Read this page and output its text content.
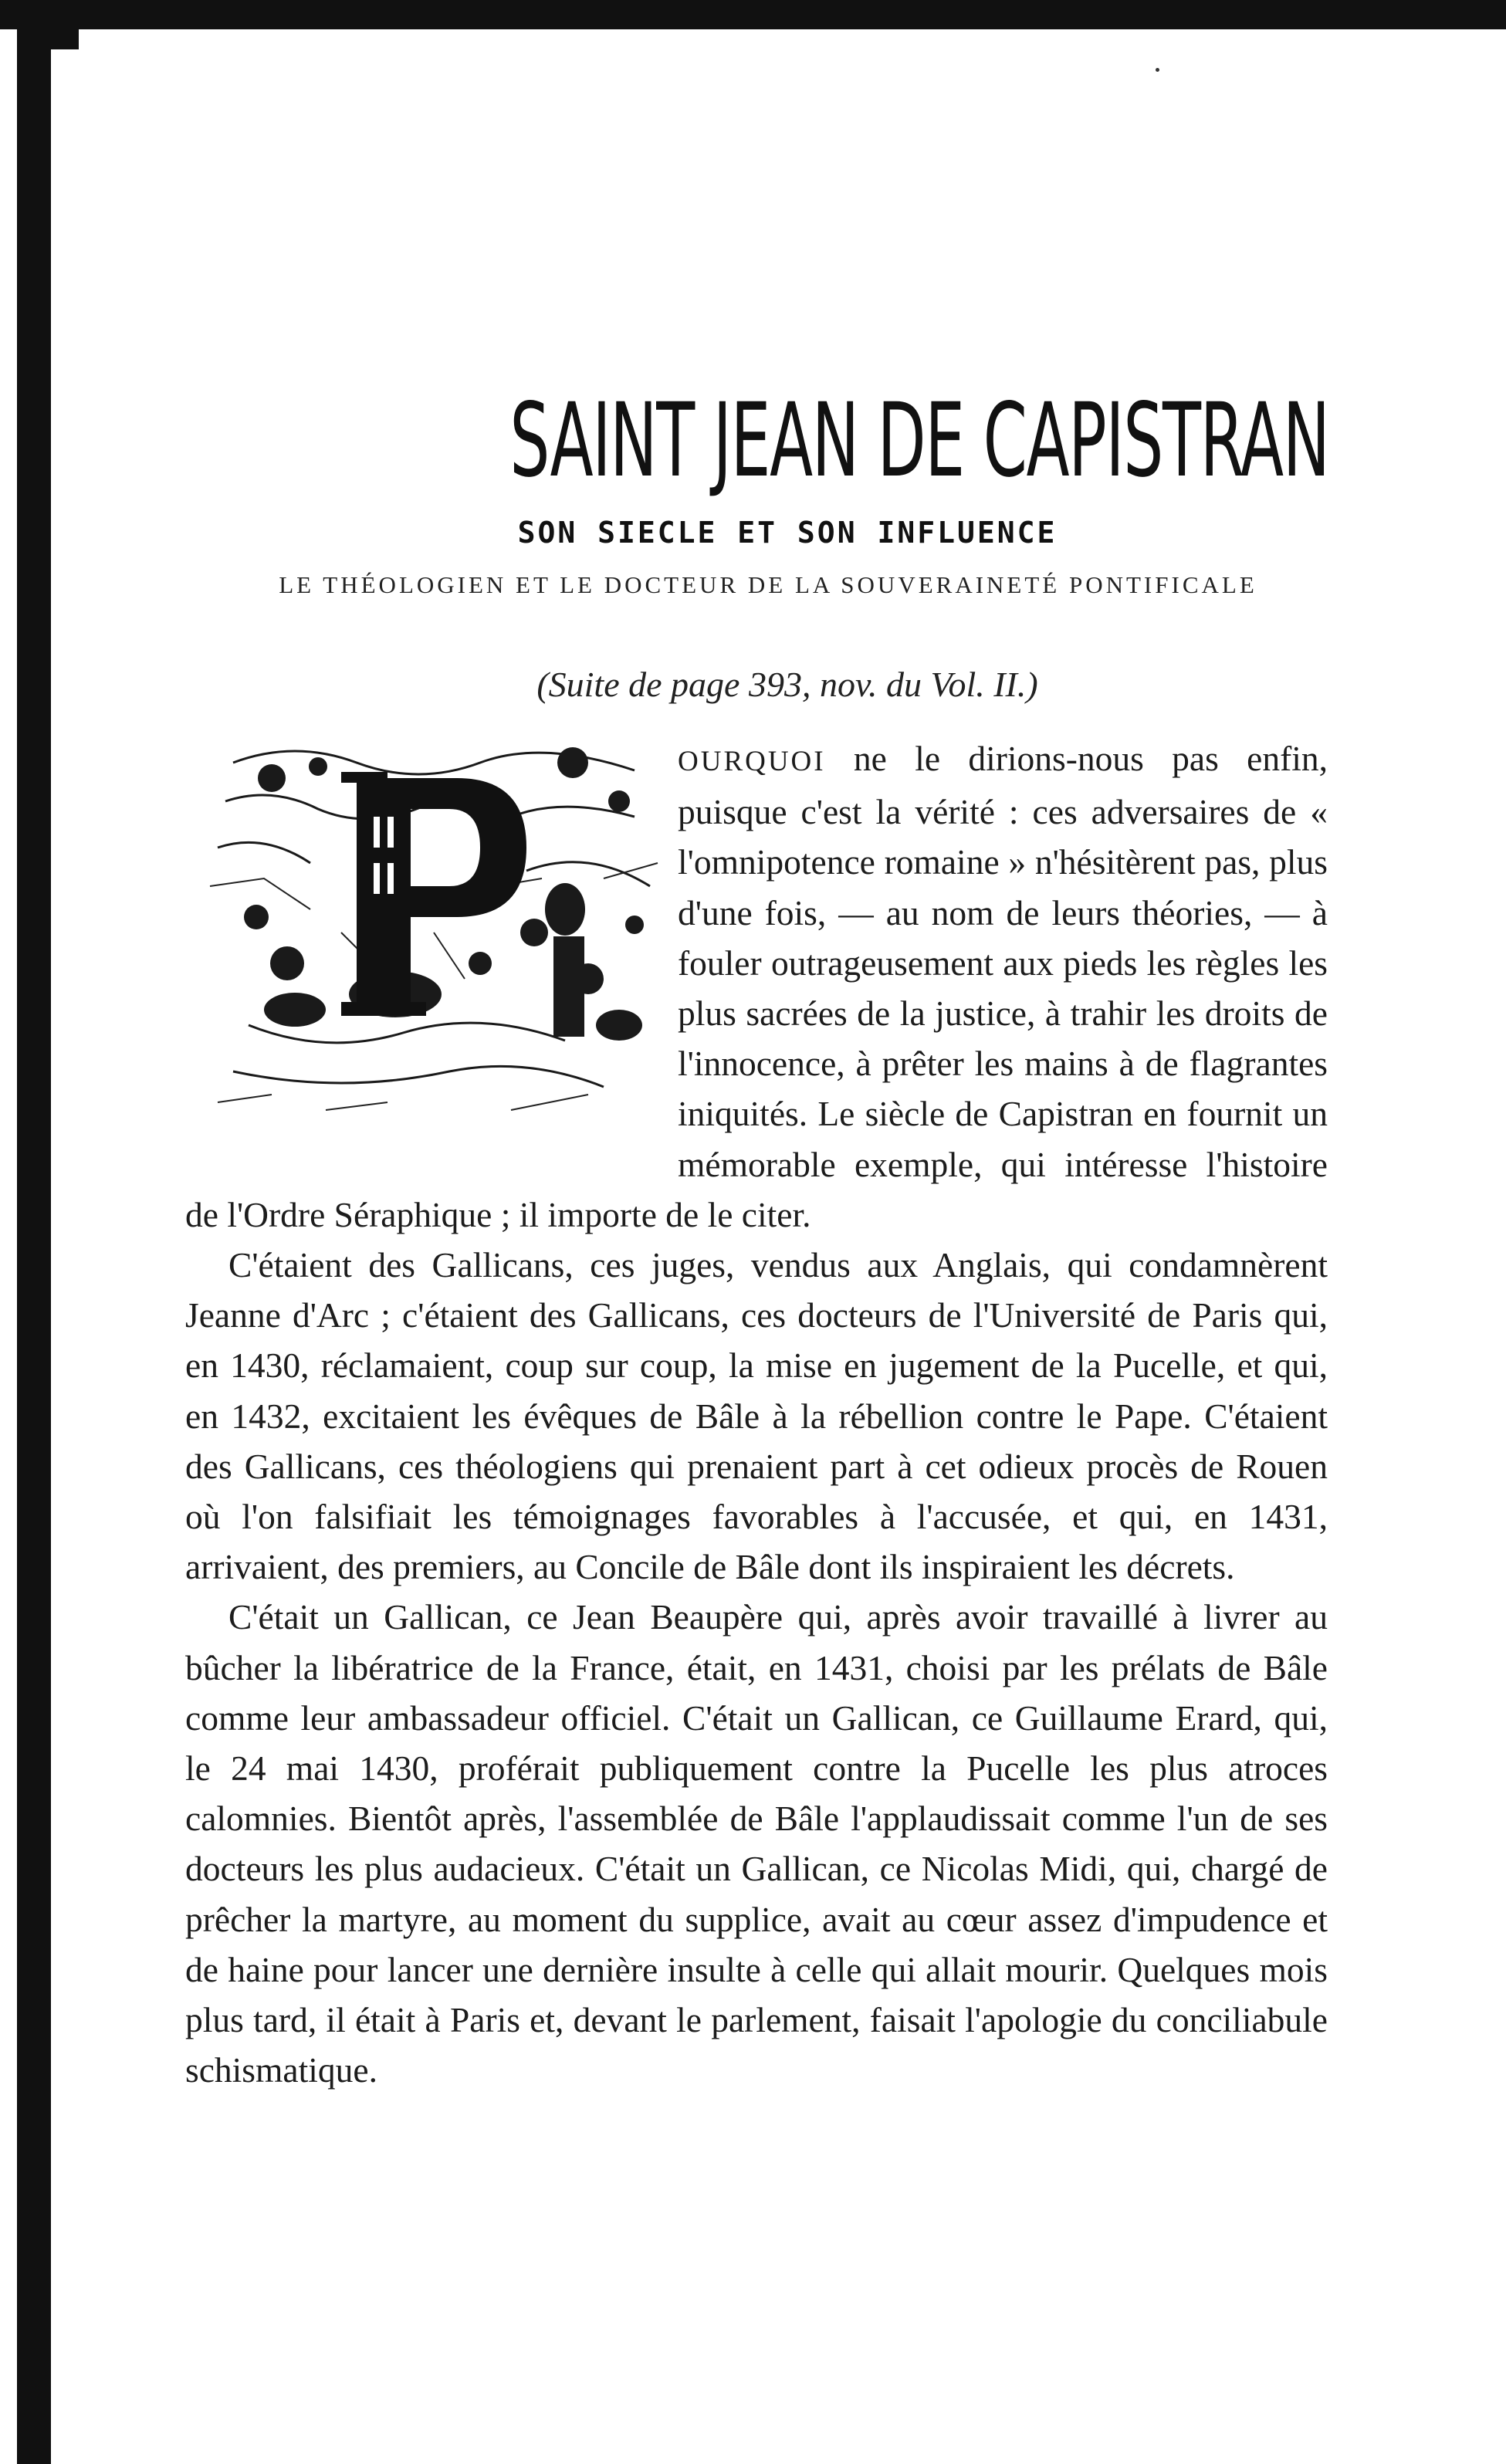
SAINT JEAN DE CAPISTRAN
SON SIECLE ET SON INFLUENCE
LE THÉOLOGIEN ET LE DOCTEUR DE LA SOUVERAINETÉ PONTIFICALE
(Suite de page 393, nov. du Vol. II.)

OURQUOI ne le dirions-nous pas enfin, puisque c'est la vérité : ces adversaires de « l'omnipotence romaine » n'hésitèrent pas, plus d'une fois, — au nom de leurs théories, — à fouler outrageusement aux pieds les règles les plus sacrées de la justice, à trahir les droits de l'innocence, à prêter les mains à de flagrantes iniquités. Le siècle de Capistran en fournit un mémorable exemple, qui intéresse l'histoire de l'Ordre Séraphique ; il importe de le citer.

C'étaient des Gallicans, ces juges, vendus aux Anglais, qui condamnèrent Jeanne d'Arc ; c'étaient des Gallicans, ces docteurs de l'Université de Paris qui, en 1430, réclamaient, coup sur coup, la mise en jugement de la Pucelle, et qui, en 1432, excitaient les évêques de Bâle à la rébellion contre le Pape. C'étaient des Gallicans, ces théologiens qui prenaient part à cet odieux procès de Rouen où l'on falsifiait les témoignages favorables à l'accusée, et qui, en 1431, arrivaient, des premiers, au Concile de Bâle dont ils inspiraient les décrets.

C'était un Gallican, ce Jean Beaupère qui, après avoir travaillé à livrer au bûcher la libératrice de la France, était, en 1431, choisi par les prélats de Bâle comme leur ambassadeur officiel. C'était un Gallican, ce Guillaume Erard, qui, le 24 mai 1430, proférait publiquement contre la Pucelle les plus atroces calomnies. Bientôt après, l'assemblée de Bâle l'applaudissait comme l'un de ses docteurs les plus audacieux. C'était un Gallican, ce Nicolas Midi, qui, chargé de prêcher la martyre, au moment du supplice, avait au cœur assez d'impudence et de haine pour lancer une dernière insulte à celle qui allait mourir. Quelques mois plus tard, il était à Paris et, devant le parlement, faisait l'apologie du conciliabule schismatique.
